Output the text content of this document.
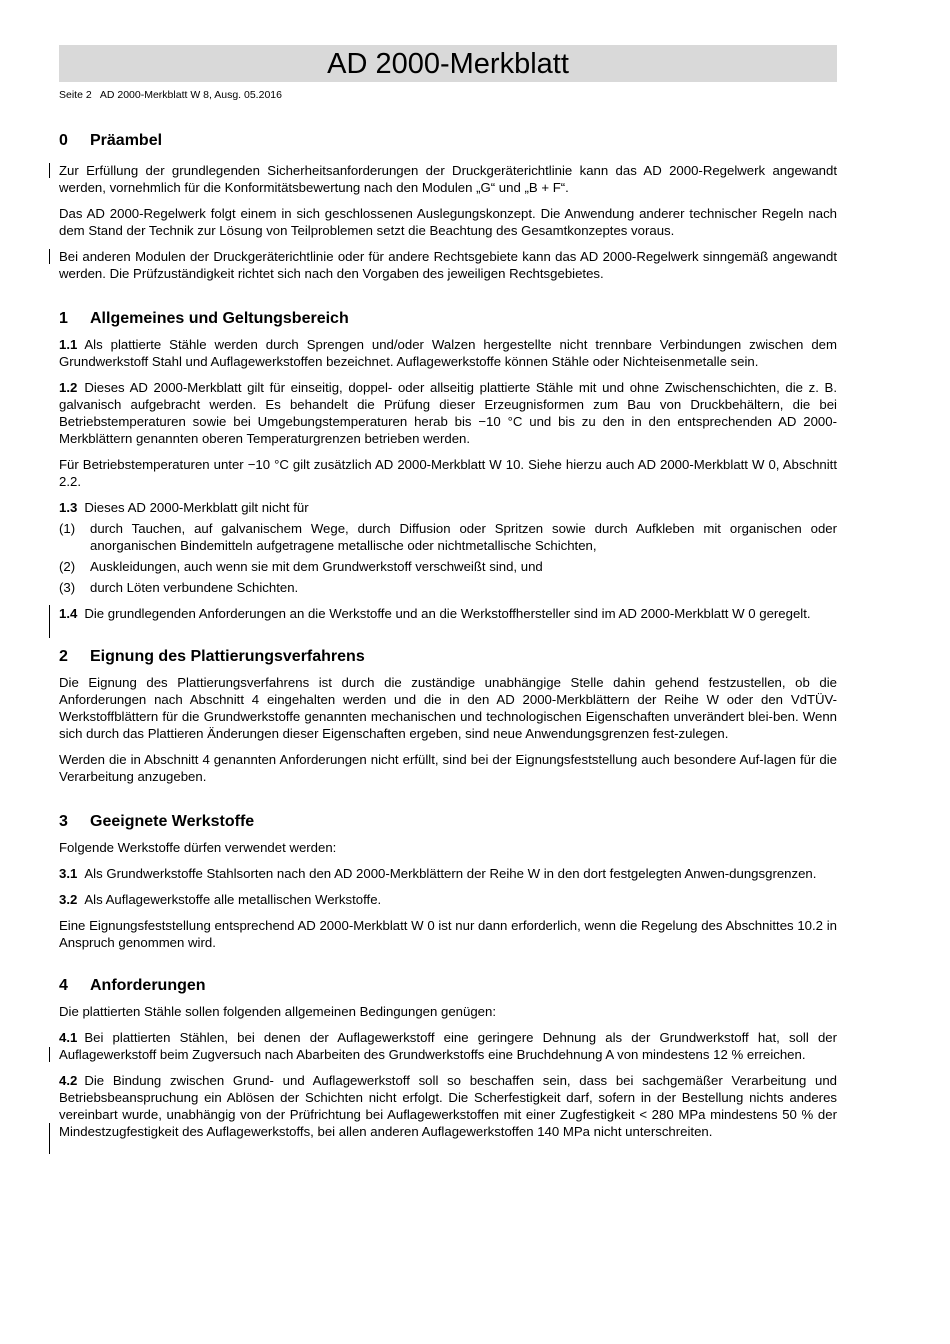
AD 2000-Merkblatt
Seite 2   AD 2000-Merkblatt W 8, Ausg. 05.2016
0 Präambel

Zur Erfüllung der grundlegenden Sicherheitsanforderungen der Druckgeräterichtlinie kann das AD 2000-Regelwerk angewandt werden, vornehmlich für die Konformitätsbewertung nach den Modulen „G“ und „B + F“.

Das AD 2000-Regelwerk folgt einem in sich geschlossenen Auslegungskonzept. Die Anwendung anderer technischer Regeln nach dem Stand der Technik zur Lösung von Teilproblemen setzt die Beachtung des Gesamtkonzeptes voraus.

Bei anderen Modulen der Druckgeräterichtlinie oder für andere Rechtsgebiete kann das AD 2000-Regelwerk sinngemäß angewandt werden. Die Prüfzuständigkeit richtet sich nach den Vorgaben des jeweiligen Rechtsgebietes.

1 Allgemeines und Geltungsbereich

1.1 Als plattierte Stähle werden durch Sprengen und/oder Walzen hergestellte nicht trennbare Verbindungen zwischen dem Grundwerkstoff Stahl und Auflagewerkstoffen bezeichnet. Auflagewerkstoffe können Stähle oder Nichteisenmetalle sein.

1.2 Dieses AD 2000-Merkblatt gilt für einseitig, doppel- oder allseitig plattierte Stähle mit und ohne Zwischenschichten, die z. B. galvanisch aufgebracht werden. Es behandelt die Prüfung dieser Erzeugnisformen zum Bau von Druckbehältern, die bei Betriebstemperaturen sowie bei Umgebungstemperaturen herab bis −10 °C und bis zu den in den entsprechenden AD 2000-Merkblättern genannten oberen Temperaturgrenzen betrieben werden.

Für Betriebstemperaturen unter −10 °C gilt zusätzlich AD 2000-Merkblatt W 10. Siehe hierzu auch AD 2000-Merkblatt W 0, Abschnitt 2.2.

1.3 Dieses AD 2000-Merkblatt gilt nicht für

(1) durch Tauchen, auf galvanischem Wege, durch Diffusion oder Spritzen sowie durch Aufkleben mit organischen oder anorganischen Bindemitteln aufgetragene metallische oder nichtmetallische Schichten,
(2) Auskleidungen, auch wenn sie mit dem Grundwerkstoff verschweißt sind, und
(3) durch Löten verbundene Schichten.

1.4 Die grundlegenden Anforderungen an die Werkstoffe und an die Werkstoffhersteller sind im AD 2000-Merkblatt W 0 geregelt.

2 Eignung des Plattierungsverfahrens

Die Eignung des Plattierungsverfahrens ist durch die zuständige unabhängige Stelle dahin gehend festzustellen, ob die Anforderungen nach Abschnitt 4 eingehalten werden und die in den AD 2000-Merkblättern der Reihe W oder den VdTÜV-Werkstoffblättern für die Grundwerkstoffe genannten mechanischen und technologischen Eigenschaften unverändert blei-ben. Wenn sich durch das Plattieren Änderungen dieser Eigenschaften ergeben, sind neue Anwendungsgrenzen fest-zulegen.

Werden die in Abschnitt 4 genannten Anforderungen nicht erfüllt, sind bei der Eignungsfeststellung auch besondere Auf-lagen für die Verarbeitung anzugeben.

3 Geeignete Werkstoffe

Folgende Werkstoffe dürfen verwendet werden:

3.1 Als Grundwerkstoffe Stahlsorten nach den AD 2000-Merkblättern der Reihe W in den dort festgelegten Anwen-dungsgrenzen.

3.2 Als Auflagewerkstoffe alle metallischen Werkstoffe.

Eine Eignungsfeststellung entsprechend AD 2000-Merkblatt W 0 ist nur dann erforderlich, wenn die Regelung des Abschnittes 10.2 in Anspruch genommen wird.

4 Anforderungen

Die plattierten Stähle sollen folgenden allgemeinen Bedingungen genügen:

4.1 Bei plattierten Stählen, bei denen der Auflagewerkstoff eine geringere Dehnung als der Grundwerkstoff hat, soll der Auflagewerkstoff beim Zugversuch nach Abarbeiten des Grundwerkstoffs eine Bruchdehnung A von mindestens 12 % erreichen.

4.2 Die Bindung zwischen Grund- und Auflagewerkstoff soll so beschaffen sein, dass bei sachgemäßer Verarbeitung und Betriebsbeanspruchung ein Ablösen der Schichten nicht erfolgt. Die Scherfestigkeit darf, sofern in der Bestellung nichts anderes vereinbart wurde, unabhängig von der Prüfrichtung bei Auflagewerkstoffen mit einer Zugfestigkeit < 280 MPa mindestens 50 % der Mindestzugfestigkeit des Auflagewerkstoffs, bei allen anderen Auflagewerkstoffen 140 MPa nicht unterschreiten.
